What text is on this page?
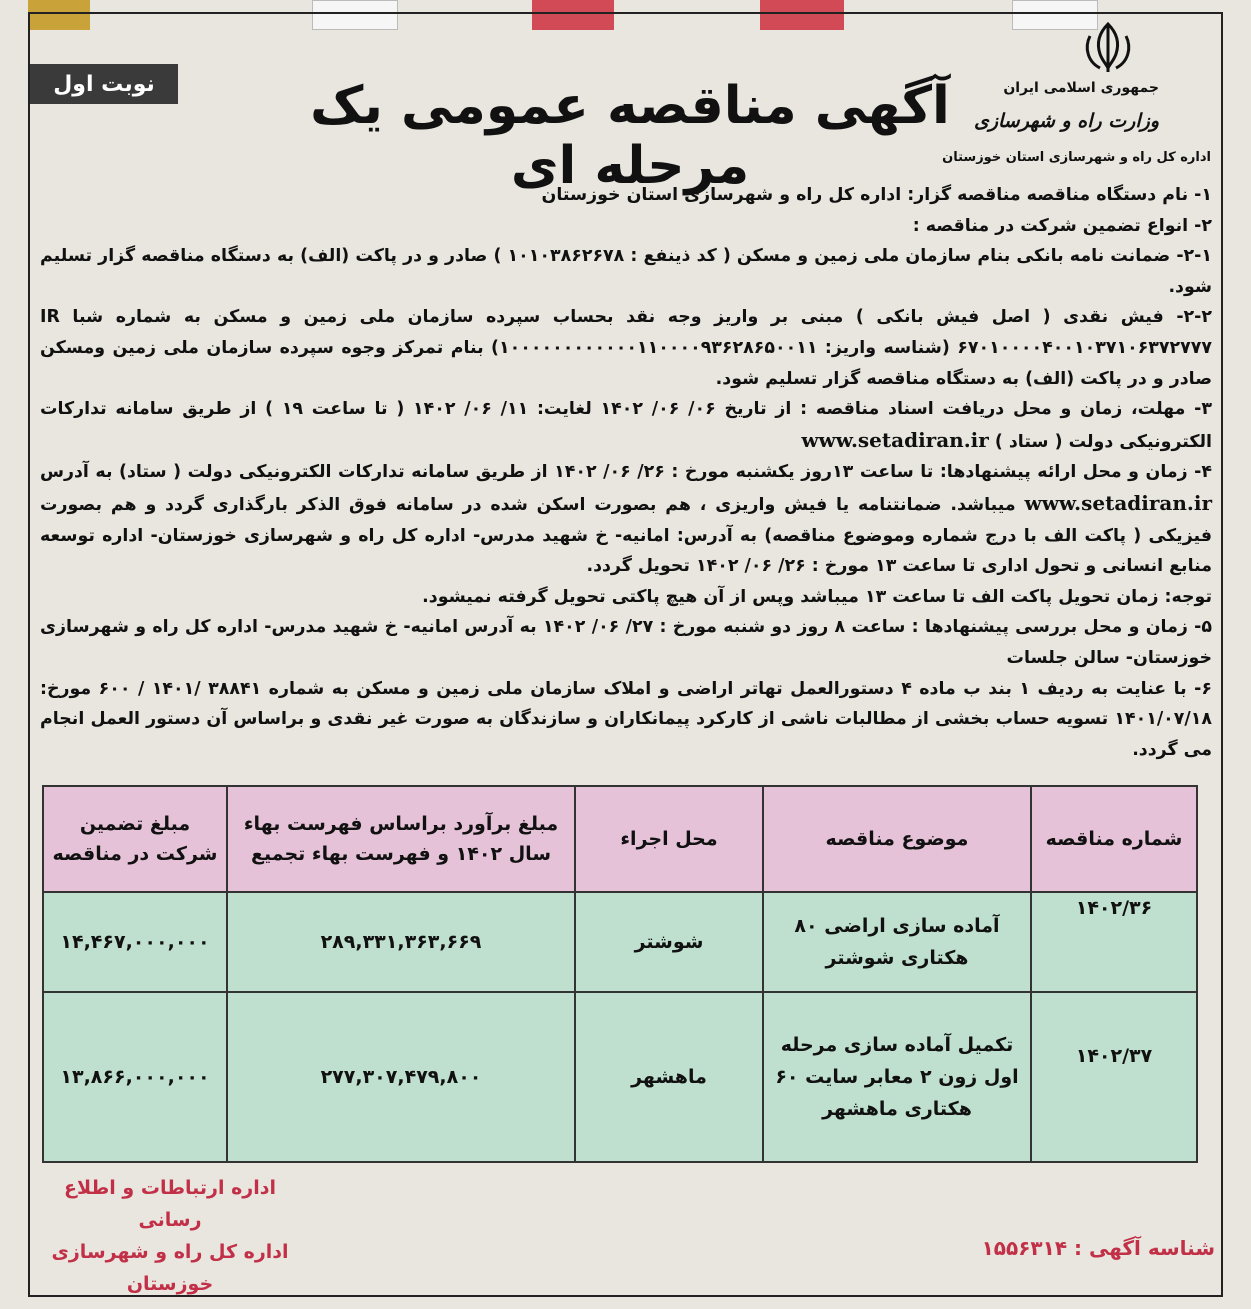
نوبت اول	آگهی مناقصه عمومی یک مرحله ای
جمهوری اسلامی ایران
وزارت راه و شهرسازی
اداره کل راه و شهرسازی استان خوزستان

۱- نام دستگاه مناقصه مناقصه گزار: اداره کل راه و شهرسازی استان خوزستان

۲- انواع تضمین شرکت در مناقصه :

۲-۱- ضمانت نامه بانکی بنام سازمان ملی زمین و مسکن ( کد ذینفع : ۱۰۱۰۳۸۶۲۶۷۸ ) صادر و در پاکت (الف) به دستگاه مناقصه گزار تسلیم شود.

۲-۲- فیش نقدی ( اصل فیش بانکی ) مبنی بر واریز وجه نقد بحساب سپرده سازمان ملی زمین و مسکن به شماره شبا IR ۶۷۰۱۰۰۰۰۴۰۰۱۰۳۷۱۰۶۳۷۲۷۷۷ (شناسه واریز: ۱۰۰۰۰۰۰۰۰۰۰۰۰۱۱۰۰۰۰۹۳۶۲۸۶۵۰۰۱۱) بنام تمرکز وجوه سپرده سازمان ملی زمین ومسکن صادر و در پاکت (الف) به دستگاه مناقصه گزار تسلیم شود.

۳- مهلت، زمان و محل دریافت اسناد مناقصه : از تاریخ ۰۶/ ۰۶/ ۱۴۰۲ لغایت: ۱۱/ ۰۶/ ۱۴۰۲ ( تا ساعت ۱۹ ) از طریق سامانه تدارکات الکترونیکی دولت ( ستاد ) www.setadiran.ir

۴- زمان و محل ارائه پیشنهادها: تا ساعت ۱۳روز یکشنبه مورخ : ۲۶/ ۰۶/ ۱۴۰۲ از طریق سامانه تدارکات الکترونیکی دولت ( ستاد) به آدرس www.setadiran.ir میباشد. ضمانتنامه یا فیش واریزی ، هم بصورت اسکن شده در سامانه فوق الذکر بارگذاری گردد و هم بصورت فیزیکی ( پاکت الف با درج شماره وموضوع مناقصه) به آدرس: امانیه- خ شهید مدرس- اداره کل راه و شهرسازی خوزستان- اداره توسعه منابع انسانی و تحول اداری تا ساعت ۱۳ مورخ : ۲۶/ ۰۶/ ۱۴۰۲ تحویل گردد.

توجه: زمان تحویل پاکت الف تا ساعت ۱۳ میباشد وپس از آن هیچ پاکتی تحویل گرفته نمیشود.

۵- زمان و محل بررسی پیشنهادها : ساعت ۸ روز دو شنبه مورخ : ۲۷/ ۰۶/ ۱۴۰۲ به آدرس امانیه- خ شهید مدرس- اداره کل راه و شهرسازی خوزستان- سالن جلسات

۶- با عنایت به ردیف ۱ بند ب ماده ۴ دستورالعمل تهاتر اراضی و املاک سازمان ملی زمین و مسکن به شماره ۳۸۸۴۱ /۱۴۰۱ / ۶۰۰ مورخ: ۱۴۰۱/۰۷/۱۸ تسویه حساب بخشی از مطالبات ناشی از کارکرد پیمانکاران و سازندگان به صورت غیر نقدی و براساس آن دستور العمل انجام می گردد.

شماره مناقصه	موضوع مناقصه	محل اجراء	مبلغ برآورد براساس فهرست بهاء سال ۱۴۰۲ و فهرست بهاء تجمیع	مبلغ تضمین شرکت در مناقصه
۱۴۰۲/۳۶	آماده سازی اراضی ۸۰ هکتاری شوشتر	شوشتر	۲۸۹,۳۳۱,۳۶۳,۶۶۹	۱۴,۴۶۷,۰۰۰,۰۰۰
۱۴۰۲/۳۷	تکمیل آماده سازی مرحله اول زون ۲ معابر سایت ۶۰ هکتاری ماهشهر	ماهشهر	۲۷۷,۳۰۷,۴۷۹,۸۰۰	۱۳,۸۶۶,۰۰۰,۰۰۰
اداره ارتباطات و اطلاع رسانی
اداره کل راه و شهرسازی خوزستان
شناسه آگهی : ۱۵۵۶۳۱۴
